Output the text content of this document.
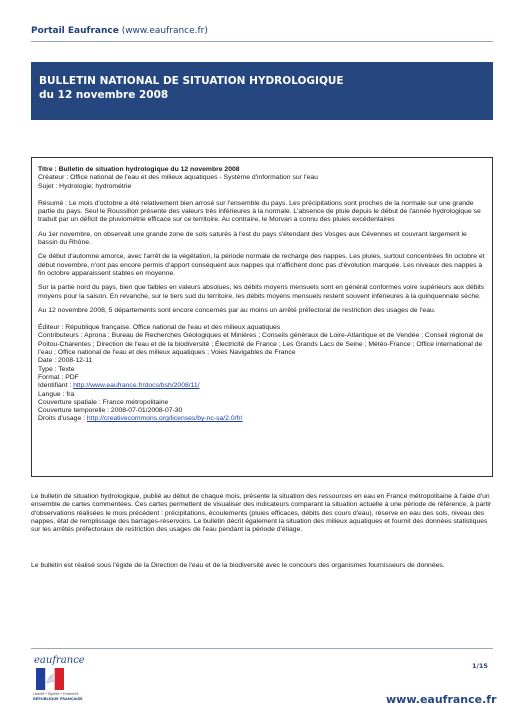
Portail Eaufrance (www.eaufrance.fr)
BULLETIN NATIONAL DE SITUATION HYDROLOGIQUE
du 12 novembre 2008

Titre : Bulletin de situation hydrologique du 12 novembre 2008

Créateur : Office national de l'eau et des milieux aquatiques - Système d'information sur l'eau

Sujet : Hydrologie; hydrométrie

Résumé : Le mois d'octobre a été relativement bien arrosé sur l'ensemble du pays. Les précipitations sont proches de la normale sur une grande partie du pays. Seul le Roussillon présente des valeurs très inférieures à la normale. L'absence de pluie depuis le début de l'année hydrologique se traduit par un déficit de pluviométrie efficace sur ce territoire. Au contraire, le Morvan a connu des pluies excédentaires

Au 1er novembre, on observait une grande zone de sols saturés à l'est du pays s'étendant des Vosges aux Cévennes et couvrant largement le bassin du Rhône.

Ce début d'automne amorce, avec l'arrêt de la végétation, la période normale de recharge des nappes. Les pluies, surtout concentrées fin octobre et début novembre, n'ont pas encore permis d'apport conséquent aux nappes qui n'affichent donc pas d'évolution marquée. Les niveaux des nappes à fin octobre apparaissent stables en moyenne.

Sur la partie nord du pays, bien que faibles en valeurs absolues, les débits moyens mensuels sont en général conformes voire supérieurs aux débits moyens pour la saison. En revanche, sur le tiers sud du territoire, les débits moyens mensuels restent souvent inférieures à la quinquennale sèche.

Au 12 novembre 2008, 5 départements sont encore concernés par au moins un arrêté préfectoral de restriction des usages de l'eau.

Éditeur : République française. Office national de l'eau et des milieux aquatiques

Contributeurs : Aprona ; Bureau de Recherches Géologiques et Minières ; Conseils généraux de Loire-Atlantique et de Vendée ; Conseil régional de Poitou-Charentes ; Direction de l'eau et de la biodiversité ; Électricité de France ; Les Grands Lacs de Seine ; Météo-France ; Office international de l'eau ; Office national de l'eau et des milieux aquatiques ; Voies Navigables de France

Date : 2008-12-11

Type : Texte

Format : PDF

Identifiant : http://www.eaufrance.fr/docs/bsh/2008/11/

Langue : fra

Couverture spatiale : France métropolitaine

Couverture temporelle : 2008-07-01/2008-07-30

Droits d'usage : http://creativecommons.org/licenses/by-nc-sa/2.0/fr/

Le bulletin de situation hydrologique, publié au début de chaque mois, présente la situation des ressources en eau en France métropolitaine à l'aide d'un ensemble de cartes commentées. Ces cartes permettent de visualiser des indicateurs comparant la situation actuelle à une période de référence, à partir d'observations réalisées le mois précédent : précipitations, écoulements (pluies efficaces, débits des cours d'eau), réserve en eau des sols, niveau des nappes, état de remplissage des barrages-réservoirs. Le bulletin décrit également la situation des milieux aquatiques et fournit des données statistiques sur les arrêtés préfectoraux de restriction des usages de l'eau pendant la période d'étiage.

Le bulletin est réalisé sous l'égide de la Direction de l'eau et de la biodiversité avec le concours des organismes fournisseurs de données.

eaufrance
Liberté • Égalité • Fraternité
RÉPUBLIQUE FRANÇAISE
1/15
www.eaufrance.fr
